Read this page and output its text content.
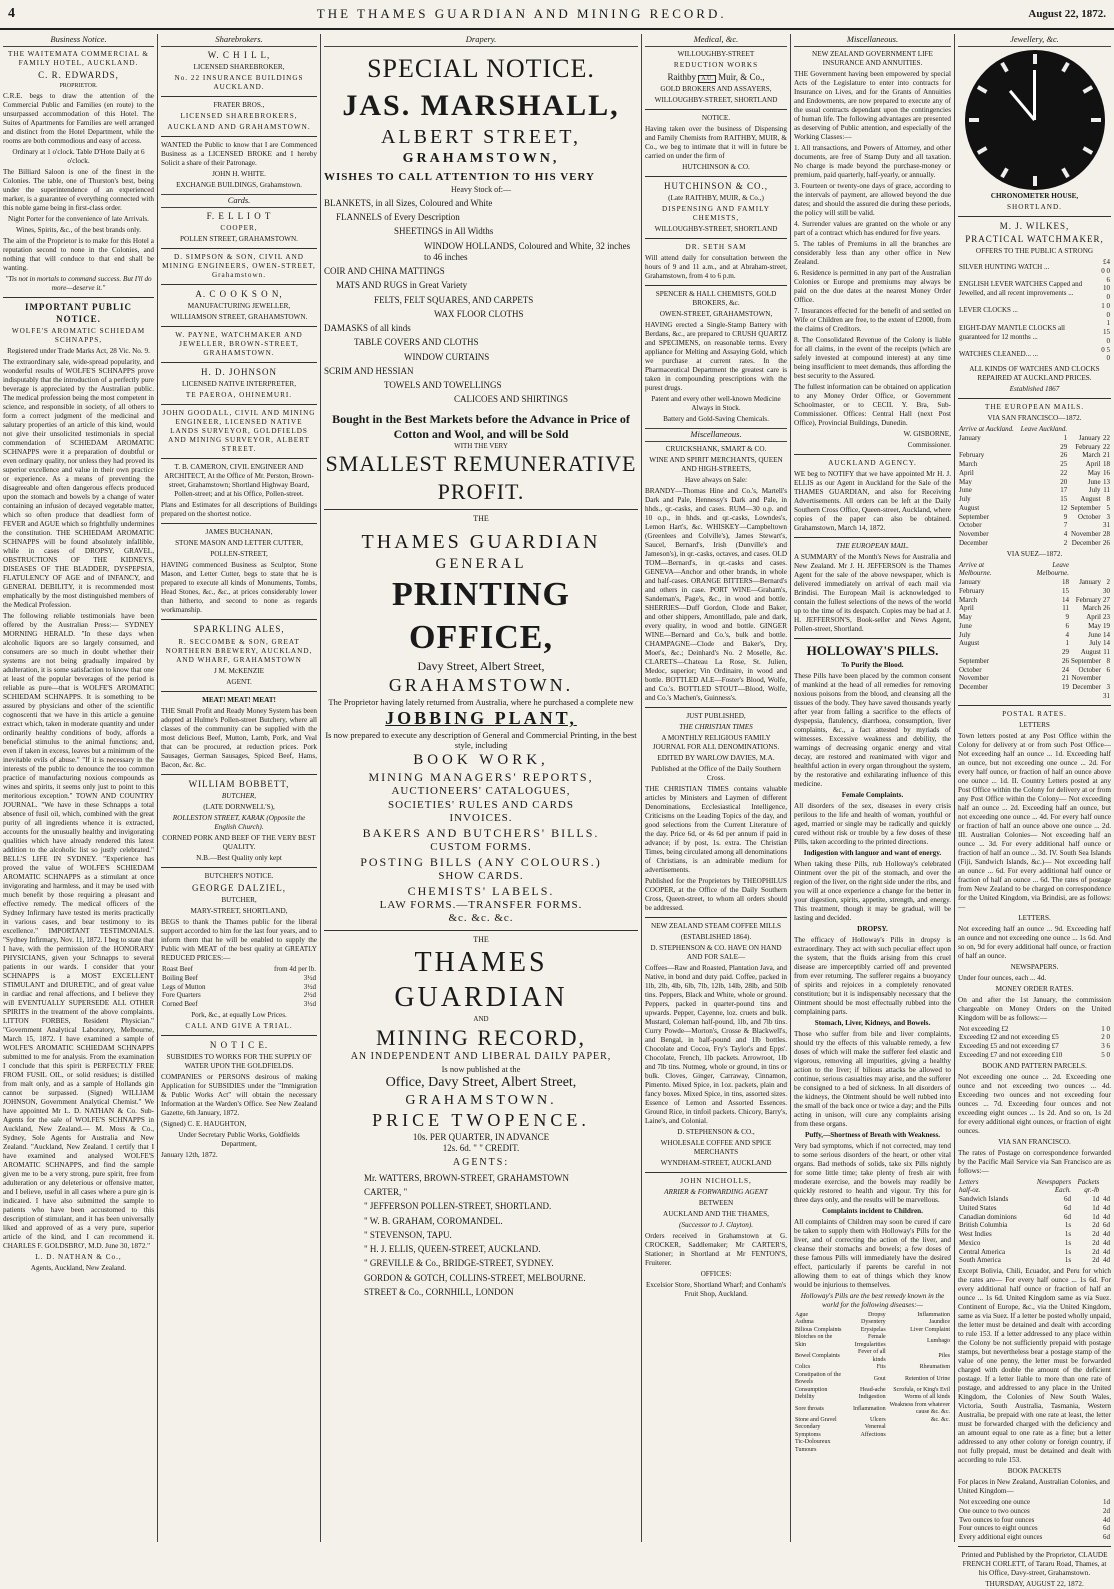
4	THE THAMES GUARDIAN AND MINING RECORD.	August 22, 1872.
Business Notice.

THE WAITEMATA COMMERCIAL & FAMILY HOTEL, AUCKLAND.

C. R. EDWARDS,

PROPRIETOR.

C.R.E. begs to draw the attention of the Commercial Public and Families (en route) to the unsurpassed accommodation of this Hotel. The Suites of Apartments for Families are well arranged and distinct from the Hotel Department, while the rooms are both commodious and easy of access.

Ordinary at 1 o'clock. Table D'Hote Daily at 6 o'clock.

The Billiard Saloon is one of the finest in the Colonies. The table, one of Thurston's best, being under the superintendence of an experienced marker, is a guarantee of everything connected with this noble game being in first-class order.

Night Porter for the convenience of late Arrivals.

Wines, Spirits, &c., of the best brands only.

The aim of the Proprietor is to make for this Hotel a reputation second to none in the Colonies, and nothing that will conduce to that end shall be wanting.

"Tis not in mortals to command success. But I'll do more—deserve it."

IMPORTANT PUBLIC NOTICE.

WOLFE'S AROMATIC SCHIEDAM SCHNAPPS,

Registered under Trade Marks Act, 28 Vic. No. 9.

The extraordinary sale, wide-spread popularity, and wonderful results of WOLFE'S SCHNAPPS prove indisputably that the introduction of a perfectly pure beverage is appreciated by the Australian public. The medical profession being the most competent in science, and responsible in society, of all others to form a correct judgment of the medicinal and salutary properties of an article of this kind, would not give their unsolicited testimonials in special commendation of SCHIEDAM AROMATIC SCHNAPPS were it a preparation of doubtful or even ordinary quality, nor unless they had proved its superior excellence and value in their own practice or experience. As a means of preventing the disagreeable and often dangerous effects produced upon the stomach and bowels by a change of water containing an infusion of decayed vegetable matter, which so often produce that deadliest form of FEVER and AGUE which so frightfully undermines the constitution. THE SCHIEDAM AROMATIC SCHNAPPS will be found absolutely infallible, while in cases of DROPSY, GRAVEL, OBSTRUCTIONS OF THE KIDNEYS, DISEASES OF THE BLADDER, DYSPEPSIA, FLATULENCY OF AGE and of INFANCY, and GENERAL DEBILITY, it is recommended most emphatically by the most distinguished members of the Medical Profession.

The following reliable testimonials have been offered by the Australian Press:— SYDNEY MORNING HERALD. "In these days when alcoholic liquors are so largely consumed, and consumers are so much in doubt whether their systems are not being gradually impaired by adulteration, it is some satisfaction to know that one at least of the popular beverages of the period is reliable as pure—that is WOLFE'S AROMATIC SCHIEDAM SCHNAPPS. It is something to be assured by physicians and other of the scientific cognoscenti that we have in this article a genuine extract which, taken in moderate quantity and under ordinarily healthy conditions of body, affords a beneficial stimulus to the animal functions; and, even if taken in excess, leaves but a minimum of the inevitable evils of abuse." "If it is necessary in the interests of the public to denounce the too common practice of manufacturing noxious compounds as wines and spirits, it seems only just to point to this meritorious exception." TOWN AND COUNTRY JOURNAL. "We have in these Schnapps a total absence of fusil oil, which, combined with the great purity of all ingredients whence it is extracted, accounts for the unusually healthy and invigorating qualities which have already rendered this latest addition to the alcoholic list so justly celebrated." BELL'S LIFE IN SYDNEY. "Experience has proved the value of WOLFE'S SCHIEDAM AROMATIC SCHNAPPS as a stimulant at once invigorating and harmless, and it may be used with much benefit by those requiring a pleasant and effective remedy. The medical officers of the Sydney Infirmary have tested its merits practically in various cases, and bear testimony to its excellence." IMPORTANT TESTIMONIALS. "Sydney Infirmary, Nov. 11, 1872. I beg to state that I have, with the permission of the HONORARY PHYSICIANS, given your Schnapps to several patients in our wards. I consider that your SCHNAPPS is a MOST EXCELLENT STIMULANT and DIURETIC, and of great value in cardiac and renal affections, and I believe they will EVENTUALLY SUPERSEDE ALL OTHER SPIRITS in the treatment of the above complaints. LITTON FORBES, Resident Physician." "Government Analytical Laboratory, Melbourne, March 15, 1872. I have examined a sample of WOLFE'S AROMATIC SCHIEDAM SCHNAPPS submitted to me for analysis. From the examination I conclude that this spirit is PERFECTLY FREE FROM FUSIL OIL, or solid residues; is distilled from malt only, and as a sample of Hollands gin cannot be surpassed. (Signed) WILLIAM JOHNSON, Government Analytical Chemist." We have appointed Mr L. D. NATHAN & Co. Sub-Agents for the sale of WOLFE'S SCHNAPPS in Auckland, New Zealand.— M. Moss & Co., Sydney, Sole Agents for Australia and New Zealand. "Auckland, New Zealand. I certify that I have examined and analysed WOLFE'S AROMATIC SCHNAPPS, and find the sample given me to be a very strong, pure spirit, free from adulteration or any deleterious or offensive matter, and I believe, useful in all cases where a pure gin is indicated. I have also submitted the sample to patients who have been accustomed to this description of stimulant, and it has been universally liked and approved of as a very pure, superior article of the kind, and I can recommend it. CHARLES F. GOLDSBRO', M.D. June 30, 1872."

L. D. NATHAN & Co.,

Agents, Auckland, New Zealand.

Sharebrokers.

W. C H I L L,

LICENSED SHAREBROKER,

No. 22 INSURANCE BUILDINGS AUCKLAND.

FRATER BROS.,

LICENSED SHAREBROKERS,

AUCKLAND AND GRAHAMSTOWN.

WANTED the Public to know that I are Commenced Business as a LICENSED BROKE and I hereby Solicit a share of their Patronage.

JOHN H. WHITE.

EXCHANGE BUILDINGS, Grahamstown.

Cards.

F. E L L I O T

COOPER,

POLLEN STREET, GRAHAMSTOWN.

D. SIMPSON & SON, CIVIL AND MINING ENGINEERS, OWEN-STREET, Grahamstown.

A. C O O K S O N,

MANUFACTURING JEWELLER,

WILLIAMSON STREET, GRAHAMSTOWN.

W. PAYNE, WATCHMAKER AND JEWELLER, BROWN-STREET, GRAHAMSTOWN.

H. D. JOHNSON

LICENSED NATIVE INTERPRETER,

TE PAEROA, OHINEMURI.

JOHN GOODALL, CIVIL AND MINING ENGINEER, LICENSED NATIVE LANDS SURVEYOR, GOLDFIELDS AND MINING SURVEYOR, ALBERT STREET.

T. B. CAMERON, CIVIL ENGINEER AND ARCHITECT, At the Office of Mr. Perston, Brown-street, Grahamstown; Shortland Highway Board, Pollen-street; and at his Office, Pollen-street.

Plans and Estimates for all descriptions of Buildings prepared on the shortest notice.

JAMES BUCHANAN,

STONE MASON AND LETTER CUTTER,

POLLEN-STREET,

HAVING commenced Business as Sculptor, Stone Mason, and Letter Cutter, begs to state that he is prepared to execute all kinds of Monuments, Tombs, Head Stones, &c., &c., at prices considerably lower than hitherto, and second to none as regards workmanship.

SPARKLING ALES,

R. SECCOMBE & SON, GREAT NORTHERN BREWERY, AUCKLAND, AND WHARF, GRAHAMSTOWN

J M. McKENZIE

AGENT.

MEAT! MEAT! MEAT!

THE Small Profit and Ready Money System has been adopted at Hulme's Pollen-street Butchery, where all classes of the community can be supplied with the most delicious Beef, Mutton, Lamb, Pork, and Veal that can be procured, at reduction prices. Pork Sausages, German Sausages, Spiced Beef, Hams, Bacon, &c. &c.

WILLIAM BOBBETT,

BUTCHER,

(LATE DORNWELL'S),

ROLLESTON STREET, KARAK (Opposite the English Church).

CORNED PORK AND BEEF OF THE VERY BEST QUALITY.

N.B.—Best Quality only kept

BUTCHER'S NOTICE.

GEORGE DALZIEL,

BUTCHER,

MARY-STREET, SHORTLAND,

BEGS to thank the Thames public for the liberal support accorded to him for the last four years, and to inform them that he will be enabled to supply the Public with MEAT of the best quality at GREATLY REDUCED PRICES:—

Roast Beef	from 4d per lb.
Boiling Beef	3½d
Legs of Mutton	3½d
Fore Quarters	2½d
Corned Beef	3½d

Pork, &c., at equally Low Prices.

CALL AND GIVE A TRIAL.

N O T I C E.

SUBSIDIES TO WORKS FOR THE SUPPLY OF WATER UPON THE GOLDFIELDS.

COMPANIES or PERSONS desirous of making Application for SUBSIDIES under the "Immigration & Public Works Act" will obtain the necessary Information at the Warden's Office. See New Zealand Gazette, 6th January, 1872.

(Signed) C. E. HAUGHTON,

Under Secretary Public Works, Goldfields Department,

January 12th, 1872.

Drapery.
SPECIAL NOTICE.
JAS. MARSHALL,
ALBERT STREET,
GRAHAMSTOWN,
WISHES TO CALL ATTENTION TO HIS VERY
Heavy Stock of:—
BLANKETS, in all Sizes, Coloured and White
FLANNELS of Every Description
SHEETINGS in All Widths
WINDOW HOLLANDS, Coloured and White, 32 inches to 46 inches
COIR AND CHINA MATTINGS
MATS AND RUGS in Great Variety
FELTS, FELT SQUARES, AND CARPETS
WAX FLOOR CLOTHS
DAMASKS of all kinds
TABLE COVERS AND CLOTHS
WINDOW CURTAINS
SCRIM AND HESSIAN
TOWELS AND TOWELLINGS
CALICOES AND SHIRTINGS
Bought in the Best Markets before the Advance in Price of Cotton and Wool, and will be Sold
WITH THE VERY
SMALLEST REMUNERATIVE PROFIT.
THE
THAMES GUARDIAN
GENERAL
PRINTING OFFICE,
Davy Street, Albert Street,
GRAHAMSTOWN.
The Proprietor having lately returned from Australia, where he purchased a complete new
JOBBING PLANT,
Is now prepared to execute any description of General and Commercial Printing, in the best style, including
BOOK WORK,
MINING MANAGERS' REPORTS,
AUCTIONEERS' CATALOGUES,
SOCIETIES' RULES AND CARDS
INVOICES.
BAKERS AND BUTCHERS' BILLS.
CUSTOM FORMS.
POSTING BILLS (ANY COLOURS.)
SHOW CARDS.
CHEMISTS' LABELS.
LAW FORMS.—TRANSFER FORMS.
&c. &c. &c.
THE
THAMES GUARDIAN
AND
MINING RECORD,
AN INDEPENDENT AND LIBERAL DAILY PAPER,
Is now published at the
Office, Davy Street, Albert Street,
GRAHAMSTOWN.
PRICE TWOPENCE.
10s. PER QUARTER, IN ADVANCE
12s. 6d. " " CREDIT.
AGENTS:
Mr. WATTERS, BROWN-STREET, GRAHAMSTOWN
CARTER, "
" JEFFERSON POLLEN-STREET, SHORTLAND.
" W. B. GRAHAM, COROMANDEL.
" STEVENSON, TAPU.
" H. J. ELLIS, QUEEN-STREET, AUCKLAND.
" GREVILLE & Co., BRIDGE-STREET, SYDNEY.
GORDON & GOTCH, COLLINS-STREET, MELBOURNE.
STREET & Co., CORNHILL, LONDON
Medical, &c.

WILLOUGHBY-STREET

REDUCTION WORKS

Raithby A.U. Muir, & Co.,

GOLD BROKERS AND ASSAYERS,

WILLOUGHBY-STREET, SHORTLAND

NOTICE.

Having taken over the business of Dispensing and Family Chemists from RAITHBY, MUIR, & Co., we beg to intimate that it will in future be carried on under the firm of

HUTCHINSON & CO.

HUTCHINSON & CO.,

(Late RAITHBY, MUIR, & Co.,)

DISPENSING AND FAMILY CHEMISTS,

WILLOUGHBY-STREET, SHORTLAND

DR. SETH SAM

Will attend daily for consultation between the hours of 9 and 11 a.m., and at Abraham-street, Grahamstown, from 4 to 6 p.m.

SPENCER & HALL CHEMISTS, GOLD BROKERS, &c.

OWEN-STREET, GRAHAMSTOWN,

HAVING erected a Single-Stamp Battery with Berdans, &c., are prepared to CRUSH QUARTZ and SPECIMENS, on reasonable terms. Every appliance for Melting and Assaying Gold, which we purchase at current rates. In the Pharmaceutical Department the greatest care is taken in compounding prescriptions with the purest drugs.

Patent and every other well-known Medicine Always in Stock.

Battery and Gold-Saving Chemicals.

Miscellaneous.

CRUICKSHANK, SMART & CO.

WINE AND SPIRIT MERCHANTS, QUEEN AND HIGH-STREETS,

Have always on Sale:

BRANDY—Thomas Hine and Co.'s, Martell's Dark and Pale, Hennessy's Dark and Pale, in hhds., qr.-casks, and cases. RUM—30 o.p. and 10 o.p., in hhds. and qr.-casks, Lowndes's, Lemon Hart's, &c. WHISKEY—Campbeltown (Greenlees and Colville's), James Stewart's, Saucel, Bernard's, Irish (Dunville's and Jameson's), in qr.-casks, octaves, and cases. OLD TOM—Bernard's, in qr.-casks and cases. GENEVA—Anchor and other brands, in whole and half-cases. ORANGE BITTERS—Bernard's and others in case. PORT WINE—Graham's, Sandeman's, Page's, &c., in wood and bottle. SHERRIES—Duff Gordon, Clode and Baker, and other shippers, Amontillado, pale and dark, every quality, in wood and bottle. GINGER WINE—Bernard and Co.'s, bulk and bottle. CHAMPAGNE—Clode and Baker's, Dry, Moet's, &c.; Deinhard's No. 2 Moselle, &c. CLARETS—Chateau La Rose, St. Julien, Medoc, superior; Vin Ordinaire, in wood and bottle. BOTTLED ALE—Foster's Blood, Wolfe, and Co.'s. BOTTLED STOUT—Blood, Wolfe, and Co.'s Machen's, Guinness's.

JUST PUBLISHED,

THE CHRISTIAN TIMES

A MONTHLY RELIGIOUS FAMILY JOURNAL FOR ALL DENOMINATIONS.

EDITED BY WARLOW DAVIES, M.A.

Published at the Office of the Daily Southern Cross.

THE CHRISTIAN TIMES contains valuable articles by Ministers and Laymen of different Denominations, Ecclesiastical Intelligence, Criticisms on the Leading Topics of the day, and good selections from the Current Literature of the day. Price 6d, or 4s 6d per annum if paid in advance; if by post, 1s. extra. The Christian Times, being circulated among all denominations of Christians, is an admirable medium for advertisements.

Published for the Proprietors by THEOPHILUS COOPER, at the Office of the Daily Southern Cross, Queen-street, to whom all orders should be addressed.

NEW ZEALAND STEAM COFFEE MILLS

(ESTABLISHED 1864).

D. STEPHENSON & CO. HAVE ON HAND AND FOR SALE—

Coffees—Raw and Roasted, Plantation Java, and Native, in bond and duty paid. Coffee, packed in 1lb, 2lb, 4lb, 6lb, 7lb, 12lb, 14lb, 28lb, and 50lb tins. Peppers, Black and White, whole or ground. Peppers, packed in quarter-pound tins and upwards. Pepper, Cayenne, loz. cruets and bulk. Mustard, Coleman half-pound, 1lb, and 7lb tins. Curry Powde—Morton's, Crosse & Blackwell's, and Bengal, in half-pound and 1lb bottles. Chocolate and Cocoa, Fry's Taylor's and Epps'. Chocolate, French, 1lb packets. Arrowroot, 1lb and 7lb tins. Nutmeg, whole or ground, in tins or bulk. Cloves, Ginger, Carraway, Cinnamon, Pimento. Mixed Spice, in 1oz. packets, plain and fancy boxes. Mixed Spice, in tins, assorted sizes. Essence of Lemon and Assorted Essences. Ground Rice, in tinfoil packets. Chicory, Barry's, Laine's, and Colonial.

D. STEPHENSON & CO.,

WHOLESALE COFFEE AND SPICE MERCHANTS

WYNDHAM-STREET, AUCKLAND

JOHN NICHOLLS,

ARRIER & FORWARDING AGENT

BETWEEN

AUCKLAND AND THE THAMES,

(Successor to J. Clayton).

Orders received in Grahamstown at G. CROCKER, Saddlemaker; Mr CARTER'S, Stationer; in Shortland at Mr FENTON'S, Fruiterer.

OFFICES:

Excelsior Store, Shortland Wharf; and Conham's Fruit Shop, Auckland.

Miscellaneous.

NEW ZEALAND GOVERNMENT LIFE INSURANCE AND ANNUITIES.

THE Government having been empowered by special Acts of the Legislature to enter into contracts for Insurance on Lives, and for the Grants of Annuities and Endowments, are now prepared to execute any of the usual contracts dependant upon the contingencies of human life. The following advantages are presented as deserving of Public attention, and especially of the Working Classes:—

1. All transactions, and Powers of Attorney, and other documents, are free of Stamp Duty and all taxation. No charge is made beyond the purchase-money or premium, paid quarterly, half-yearly, or annually.

3. Fourteen or twenty-one days of grace, according to the intervals of payment, are allowed beyond the due dates; and should the assured die during these periods, the policy will still be valid.

4. Surrender values are granted on the whole or any part of a contract which has endured for five years.

5. The tables of Premiums in all the branches are considerably less than any other office in New Zealand.

6. Residence is permitted in any part of the Australian Colonies or Europe and premiums may always be paid on the due dates at the nearest Money Order Office.

7. Insurances effected for the benefit of and settled on Wife or Children are free, to the extent of £2000, from the claims of Creditors.

8. The Consolidated Revenue of the Colony is liable for all claims, in the event of the receipts (which are safely invested at compound interest) at any time being insufficient to meet demands, thus affording the best security to the Assured.

The fullest information can be obtained on application to any Money Order Office, or Government Schoolmaster, or to CECIL Y. Bra, Sub-Commissioner. Offices: Central Hall (next Post Office), Provincial Buildings, Dunedin.

W. GISBORNE,

Commissioner.

AUCKLAND AGENCY.

WE beg to NOTIFY that we have appointed Mr H. J. ELLIS as our Agent in Auckland for the Sale of the THAMES GUARDIAN, and also for Receiving Advertisements. All orders can be left at the Daily Southern Cross Office, Queen-street, Auckland, where copies of the paper can also be obtained. Grahamstown, March 14, 1872.

THE EUROPEAN MAIL.

A SUMMARY of the Month's News for Australia and New Zealand. Mr J. H. JEFFERSON is the Thames Agent for the sale of the above newspaper, which is delivered immediately on arrival of each mail via Brindisi. The European Mail is acknowledged to contain the fullest selections of the news of the world up to the time of its despatch. Copies may be had at J. H. JEFFERSON'S, Book-seller and News Agent, Pollen-street, Shortland.

HOLLOWAY'S PILLS.

To Purify the Blood.

These Pills have been placed by the common consent of mankind at the head of all remedies for removing noxious poisons from the blood, and cleansing all the tissues of the body. They have saved thousands yearly after year from falling a sacrifice to the effects of dyspepsia, flatulency, diarrhoea, consumption, liver complaints, &c., a fact attested by myriads of witnesses. Excessive weakness and debility, the warnings of decreasing organic energy and vital decay, are restored and reanimated with vigor and healthful action in every organ throughout the system, by the restorative and exhilarating influence of this medicine.

Female Complaints.

All disorders of the sex, diseases in every crisis perilous to the life and health of woman, youthful or aged, married or single may be radically and quickly cured without risk or trouble by a few doses of these Pills, taken according to the printed directions.

Indigestion with languor and want of energy.

When taking these Pills, rub Holloway's celebrated Ointment over the pit of the stomach, and over the region of the liver, on the right side under the ribs, and you will at once experience a change for the better in your digestion, spirits, appetite, strength, and energy. This treatment, though it may be gradual, will be lasting and decided.

DROPSY.

The efficacy of Holloway's Pills in dropsy is extraordinary. They act with such peculiar effect upon the system, that the fluids arising from this cruel disease are imperceptibly carried off and prevented from ever returning. The sufferer regains a buoyancy of spirits and rejoices in a completely renovated constitution; but it is indispensably necessary that the Ointment should be most effectually rubbed into the complaining parts.

Stomach, Liver, Kidneys, and Bowels.

Those who suffer from bile and liver complaints, should try the effects of this valuable remedy, a few doses of which will make the sufferer feel elastic and vigorous, removing all impurities, giving a healthy action to the liver; if bilious attacks be allowed to continue, serious casualties may arise, and the sufferer be consigned to a bed of sickness. In all disorders of the kidneys, the Ointment should be well rubbed into the small of the back once or twice a day; and the Pills acting in unison, will cure any complaints arising from these organs.

Puffy,—Shortness of Breath with Weakness.

Very bad symptoms, which if not corrected, may tend to some serious disorders of the heart, or other vital organs. Bad methods of solids, take six Pills nightly for some little time; take plenty of fresh air with moderate exercise, and the bowels may readily be quickly restored to health and vigour. Try this for three days only, and the results will be marvellous.

Complaints incident to Children.

All complaints of Children may soon be cured if care be taken to supply them with Holloway's Pills for the liver, and of correcting the action of the liver, and cleanse their stomachs and bowels; a few doses of these famous Pills will immediately have the desired effect, particularly if parents be careful in not allowing them to eat of things which they know would be injurious to themselves.

Holloway's Pills are the best remedy known in the world for the following diseases:—

Ague	Dropsy	Inflammation
Asthma	Dysentery	Jaundice
Bilious Complaints	Erysipelas	Liver Complaint
Blotches on the Skin	Female Irregularities	Lumbago
Bowel Complaints	Fever of all kinds	Piles
Colics	Fits	Rheumatism
Constipation of the Bowels	Gout	Retention of Urine
Consumption	Head-ache	Scrofula, or King's Evil
Debility	Indigestion	Worms of all kinds
Sore throats	Inflammation	Weakness from whatever cause &c. &c.
Stone and Gravel	Ulcers	&c. &c.
Secondary Symptoms	Venereal Affections	
Tic-Doloureux		
Tumours		
Jewellery, &c.

CHRONOMETER HOUSE,

SHORTLAND.

M. J. WILKES,

PRACTICAL WATCHMAKER,

OFFERS TO THE PUBLIC A STRONG

SILVER HUNTING WATCH ...	£4 0 0
ENGLISH LEVER WATCHES Capped and Jewelled, and all recent improvements ...	6 10 0
LEVER CLOCKS ...	1 0 0
EIGHT-DAY MANTLE CLOCKS all guaranteed for 12 months ...	1 15 0
WATCHES CLEANED... ...	0 5 0

ALL KINDS OF WATCHES AND CLOCKS REPAIRED AT AUCKLAND PRICES.

Established 1867

THE EUROPEAN MAILS.

VIA SAN FRANCISCO—1872.

Arrive at Auckland.	Leave Auckland.		
January	1	January	22
	29	February	22
February	26	March	21
March	25	April	18
April	22	May	16
May	20	June	13
June	17	July	11
July	15	August	8
August	12	September	5
September	9	October	3
October	7		31
November	4	November	28
December	2	December	26

VIA SUEZ—1872.

Arrive at Melbourne.	Leave Melbourne.		
January	18	January	2
February	15		30
March	14	February	27
April	11	March	26
May	9	April	23
June	6	May	19
July	4	June	14
August	1	July	14
	29	August	11
September	26	September	8
October	24	October	6
November	21	November	
December	19	December	3
			31

POSTAL RATES.

LETTERS

Town letters posted at any Post Office within the Colony for delivery at or from such Post Office— Not exceeding half an ounce ... 1d. Exceeding half an ounce, but not exceeding one ounce ... 2d. For every half ounce, or fraction of half an ounce above one ounce ... 1d. II. Country Letters posted at any Post Office within the Colony for delivery at or from any Post Office within the Colony— Not exceeding half an ounce ... 2d. Exceeding half an ounce, but not exceeding one ounce ... 4d. For every half ounce or fraction of half an ounce above one ounce ... 2d. III. Australian Colonies— Not exceeding half an ounce ... 3d. For every additional half ounce or fraction of half an ounce ... 3d. IV. South Sea Islands (Fiji, Sandwich Islands, &c.)— Not exceeding half an ounce ... 6d. For every additional half ounce or fraction of half an ounce ... 6d. The rates of postage from New Zealand to be charged on correspondence for the United Kingdom, via Brindisi, are as follows:—

LETTERS.

Not exceeding half an ounce ... 9d. Exceeding half an ounce and not exceeding one ounce ... 1s 6d. And so on, 9d for every additional half ounce, or fraction of half an ounce.

NEWSPAPERS.

Under four ounces, each ... 4d.

MONEY ORDER RATES.

On and after the 1st January, the commission chargeable on Money Orders on the United Kingdom will be as follows:—

Not exceeding £2	1 0
Exceeding £2 and not exceeding £5	2 0
Exceeding £5 and not exceeding £7	3 6
Exceeding £7 and not exceeding £10	5 0

BOOK AND PATTERN PARCELS.

Not exceeding one ounce ... 2d. Exceeding one ounce and not exceeding two ounces ... 4d. Exceeding two ounces and not exceeding four ounces ... 7d. Exceeding four ounces and not exceeding eight ounces ... 1s 2d. And so on, 1s 2d for every additional eight ounces, or fraction of eight ounces.

VIA SAN FRANCISCO.

The rates of Postage on correspondence forwarded by the Pacific Mail Service via San Francisco are as follows:—

Letters	Newspapers	Packets	
half-oz.	Each.	qr.-lb	
Sandwich Islands	6d	1d	4d
United States	6d	1d	4d
Canadian dominions	6d	1d	4d
British Columbia	1s	2d	6d
West Indies	1s	2d	4d
Mexico	1s	2d	4d
Central America	1s	2d	4d
South America	1s	2d	4d

Except Bolivia, Chili, Ecuador, and Peru for which the rates are— For every half ounce ... 1s 6d. For every additional half ounce or fraction of half an ounce ... 1s 6d. United Kingdom same as via Suez. Continent of Europe, &c., via the United Kingdom, same as via Suez. If a letter be posted wholly unpaid, the letter must be detained and dealt with according to rule 153. If a letter addressed to any place within the Colony be not sufficiently prepaid with postage stamps, but nevertheless bear a postage stamp of the value of one penny, the letter must be forwarded charged with double the amount of the deficient postage. If a letter liable to more than one rate of postage, and addressed to any place in the United Kingdom, the Colonies of New South Wales, Victoria, South Australia, Tasmania, Western Australia, be prepaid with one rate at least, the letter must be forwarded charged with the deficiency and an amount equal to one rate as a fine; but a letter addressed to any other colony or foreign country, if not fully prepaid, must be detained and dealt with according to rule 153.

BOOK PACKETS

For places in New Zealand, Australian Colonies, and United Kingdom—

Not exceeding one ounce	1d
One ounce to two ounces	2d
Two ounces to four ounces	4d
Four ounces to eight ounces	6d
Every additional eight ounces	6d

Printed and Published by the Proprietor, CLAUDE FRENCH CORLETT, of Tararu Road, Thames, at his Office, Davy-street, Grahamstown.

THURSDAY, AUGUST 22, 1872.
